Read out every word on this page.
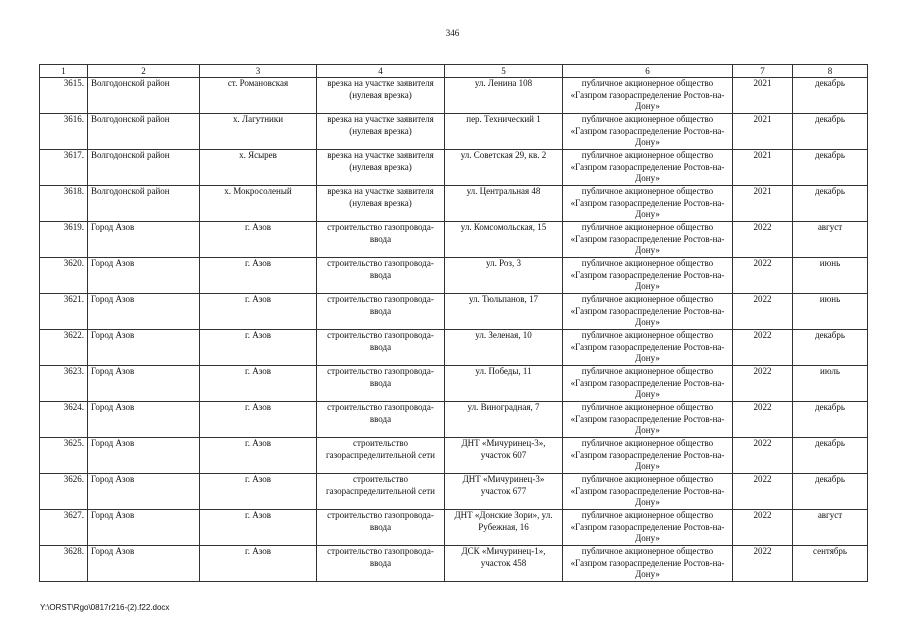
346
1	2	3	4	5	6	7	8
3615.	Волгодонской район	ст. Романовская	врезка на участке заявителя (нулевая врезка)	ул. Ленина 108	публичное акционерное общество «Газпром газораспределение Ростов-на-Дону»	2021	декабрь
3616.	Волгодонской район	х. Лагутники	врезка на участке заявителя (нулевая врезка)	пер. Технический 1	публичное акционерное общество «Газпром газораспределение Ростов-на-Дону»	2021	декабрь
3617.	Волгодонской район	х. Ясырев	врезка на участке заявителя (нулевая врезка)	ул. Советская 29, кв. 2	публичное акционерное общество «Газпром газораспределение Ростов-на-Дону»	2021	декабрь
3618.	Волгодонской район	х. Мокросоленый	врезка на участке заявителя (нулевая врезка)	ул. Центральная 48	публичное акционерное общество «Газпром газораспределение Ростов-на-Дону»	2021	декабрь
3619.	Город Азов	г. Азов	строительство газопровода-ввода	ул. Комсомольская, 15	публичное акционерное общество «Газпром газораспределение Ростов-на-Дону»	2022	август
3620.	Город Азов	г. Азов	строительство газопровода-ввода	ул. Роз, 3	публичное акционерное общество «Газпром газораспределение Ростов-на-Дону»	2022	июнь
3621.	Город Азов	г. Азов	строительство газопровода-ввода	ул. Тюльпанов, 17	публичное акционерное общество «Газпром газораспределение Ростов-на-Дону»	2022	июнь
3622.	Город Азов	г. Азов	строительство газопровода-ввода	ул. Зеленая, 10	публичное акционерное общество «Газпром газораспределение Ростов-на-Дону»	2022	декабрь
3623.	Город Азов	г. Азов	строительство газопровода-ввода	ул. Победы, 11	публичное акционерное общество «Газпром газораспределение Ростов-на-Дону»	2022	июль
3624.	Город Азов	г. Азов	строительство газопровода-ввода	ул. Виноградная, 7	публичное акционерное общество «Газпром газораспределение Ростов-на-Дону»	2022	декабрь
3625.	Город Азов	г. Азов	строительство газораспределительной сети	ДНТ «Мичуринец-3», участок 607	публичное акционерное общество «Газпром газораспределение Ростов-на-Дону»	2022	декабрь
3626.	Город Азов	г. Азов	строительство газораспределительной сети	ДНТ «Мичуринец-3» участок 677	публичное акционерное общество «Газпром газораспределение Ростов-на-Дону»	2022	декабрь
3627.	Город Азов	г. Азов	строительство газопровода-ввода	ДНТ «Донские Зори», ул. Рубежная, 16	публичное акционерное общество «Газпром газораспределение Ростов-на-Дону»	2022	август
3628.	Город Азов	г. Азов	строительство газопровода-ввода	ДСК «Мичуринец-1», участок 458	публичное акционерное общество «Газпром газораспределение Ростов-на-Дону»	2022	сентябрь
Y:\ORST\Rgo\0817r216-(2).f22.docx
